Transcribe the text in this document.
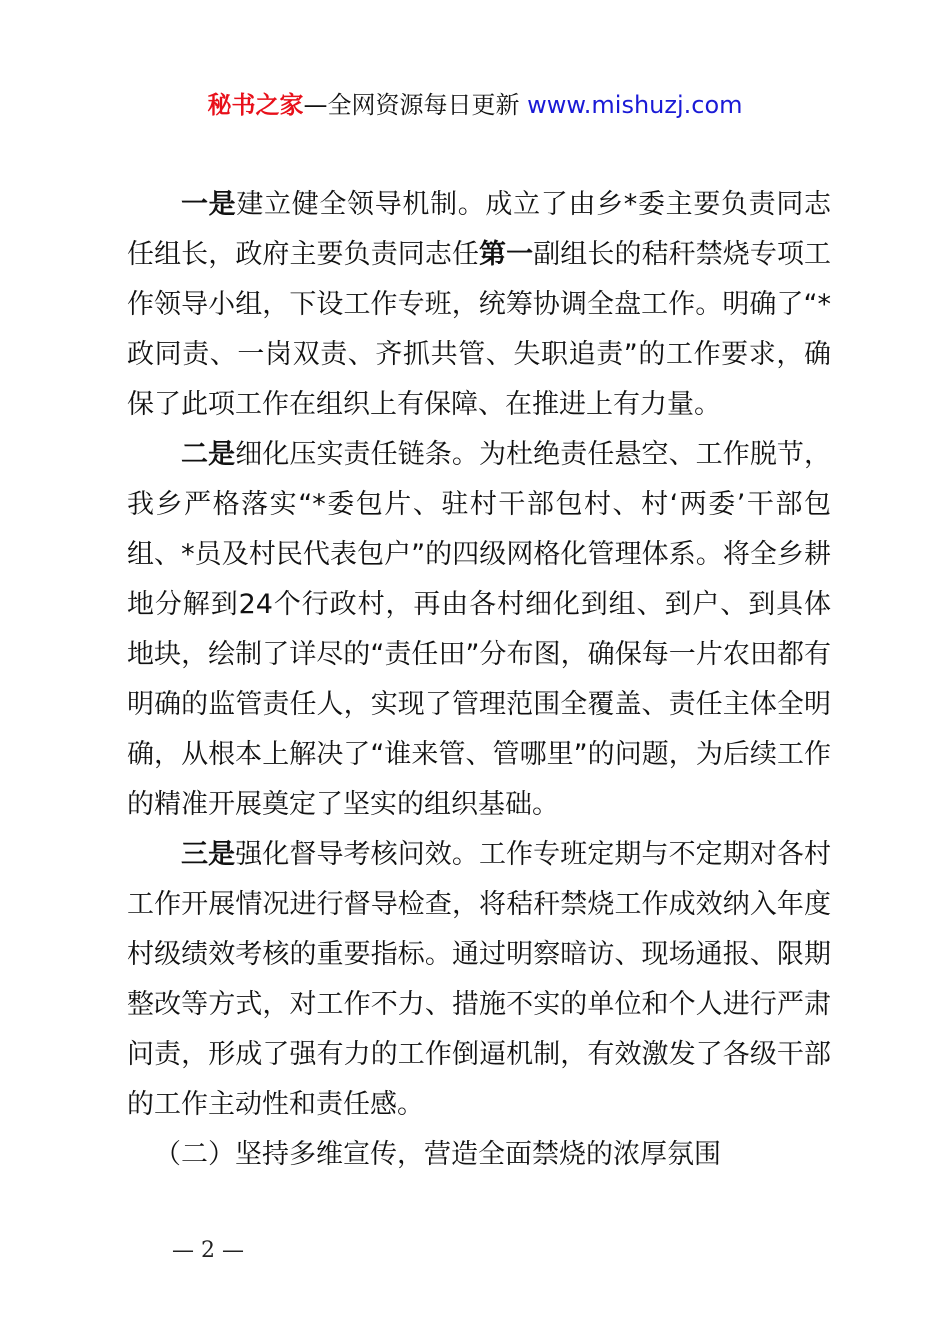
秘书之家—全网资源每日更新 www.mishuzj.com

一是建立健全领导机制。成立了由乡*委主要负责同志任组长，政府主要负责同志任第一副组长的秸秆禁烧专项工作领导小组，下设工作专班，统筹协调全盘工作。明确了“*政同责、一岗双责、齐抓共管、失职追责”的工作要求，确保了此项工作在组织上有保障、在推进上有力量。

二是细化压实责任链条。为杜绝责任悬空、工作脱节，我乡严格落实“*委包片、驻村干部包村、村‘两委’干部包组、*员及村民代表包户”的四级网格化管理体系。将全乡耕地分解到24个行政村，再由各村细化到组、到户、到具体地块，绘制了详尽的“责任田”分布图，确保每一片农田都有明确的监管责任人，实现了管理范围全覆盖、责任主体全明确，从根本上解决了“谁来管、管哪里”的问题，为后续工作的精准开展奠定了坚实的组织基础。

三是强化督导考核问效。工作专班定期与不定期对各村工作开展情况进行督导检查，将秸秆禁烧工作成效纳入年度村级绩效考核的重要指标。通过明察暗访、现场通报、限期整改等方式，对工作不力、措施不实的单位和个人进行严肃问责，形成了强有力的工作倒逼机制，有效激发了各级干部的工作主动性和责任感。

（二）坚持多维宣传，营造全面禁烧的浓厚氛围

— 2 —
